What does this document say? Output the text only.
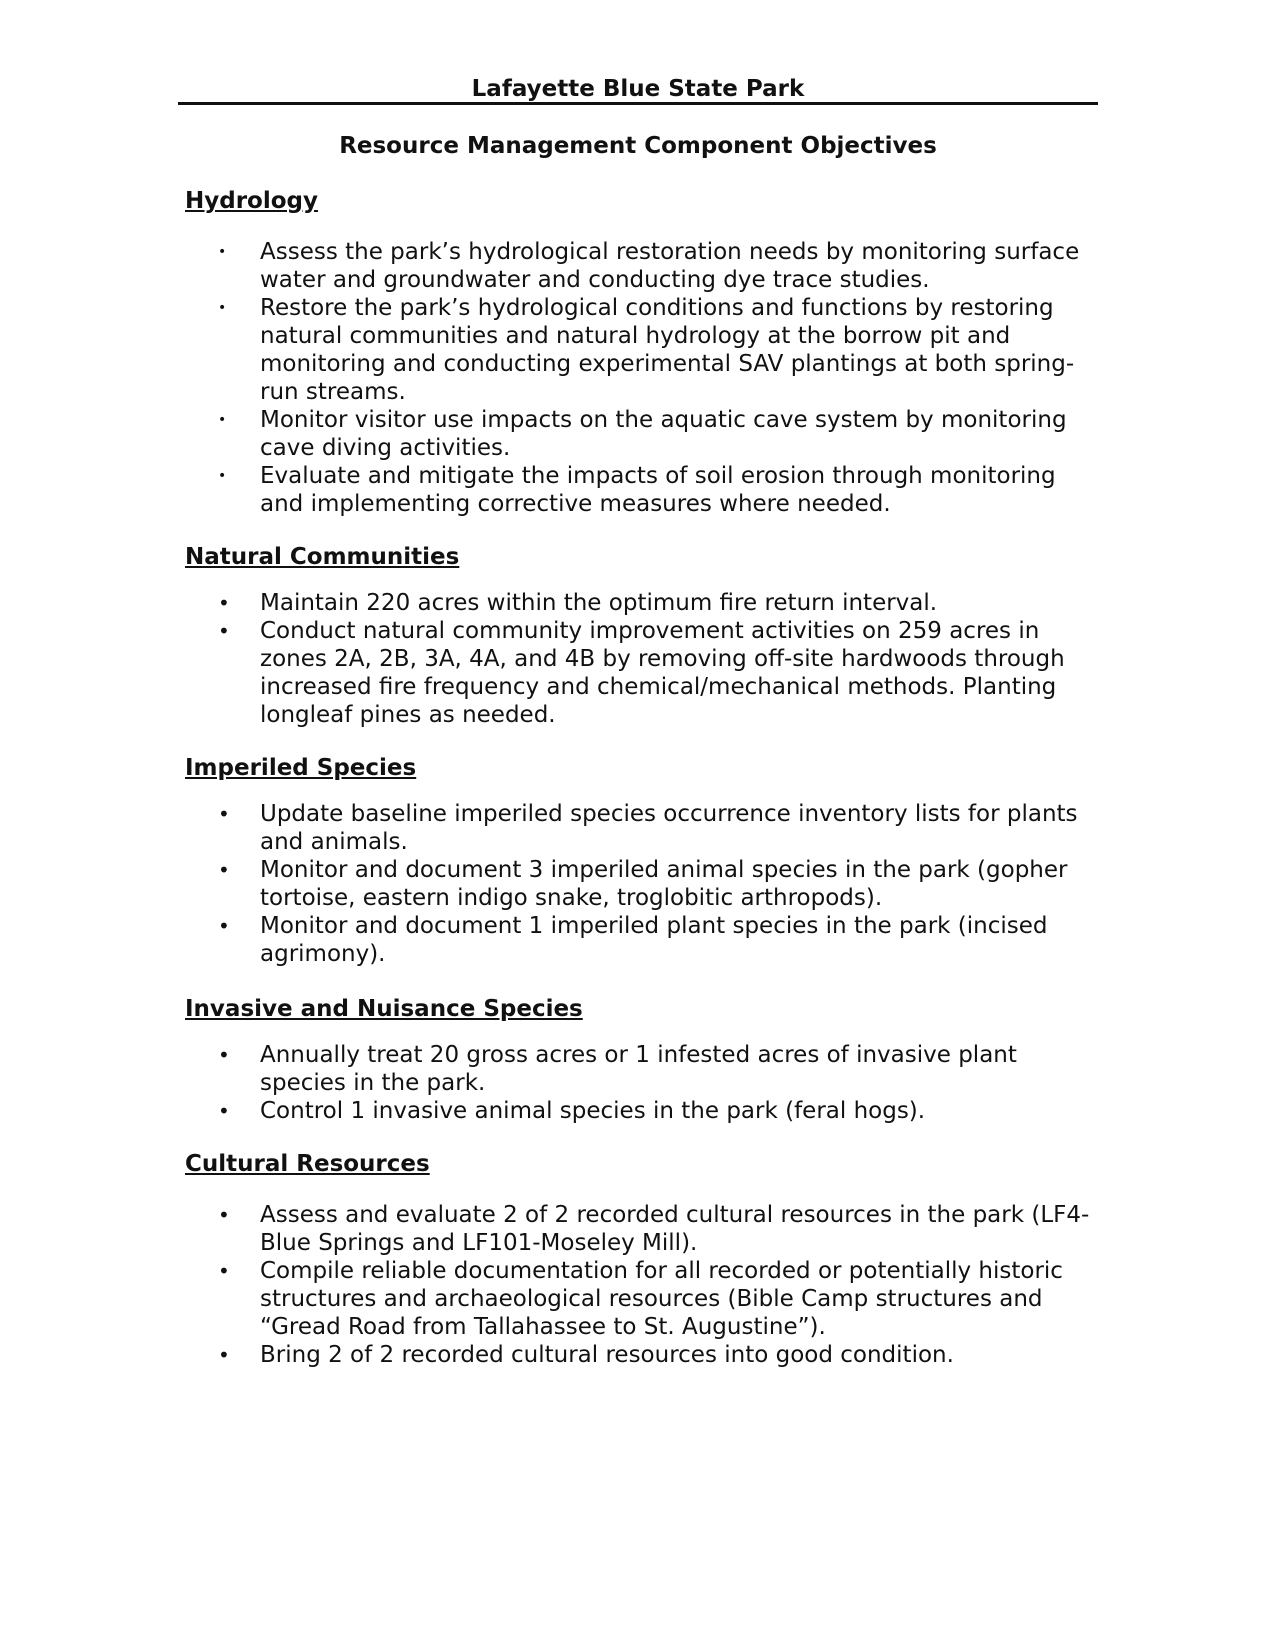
Lafayette Blue State Park
Resource Management Component Objectives
Hydrology
• Assess the park’s hydrological restoration needs by monitoring surface water and groundwater and conducting dye trace studies.
• Restore the park’s hydrological conditions and functions by restoring natural communities and natural hydrology at the borrow pit and monitoring and conducting experimental SAV plantings at both spring-run streams.
• Monitor visitor use impacts on the aquatic cave system by monitoring cave diving activities.
• Evaluate and mitigate the impacts of soil erosion through monitoring and implementing corrective measures where needed.
Natural Communities
• Maintain 220 acres within the optimum fire return interval.
• Conduct natural community improvement activities on 259 acres in zones 2A, 2B, 3A, 4A, and 4B by removing off-site hardwoods through increased fire frequency and chemical/mechanical methods. Planting longleaf pines as needed.
Imperiled Species
• Update baseline imperiled species occurrence inventory lists for plants and animals.
• Monitor and document 3 imperiled animal species in the park (gopher tortoise, eastern indigo snake, troglobitic arthropods).
• Monitor and document 1 imperiled plant species in the park (incised agrimony).
Invasive and Nuisance Species
• Annually treat 20 gross acres or 1 infested acres of invasive plant species in the park.
• Control 1 invasive animal species in the park (feral hogs).
Cultural Resources
• Assess and evaluate 2 of 2 recorded cultural resources in the park (LF4-Blue Springs and LF101-Moseley Mill).
• Compile reliable documentation for all recorded or potentially historic structures and archaeological resources (Bible Camp structures and “Gread Road from Tallahassee to St. Augustine”).
• Bring 2 of 2 recorded cultural resources into good condition.
